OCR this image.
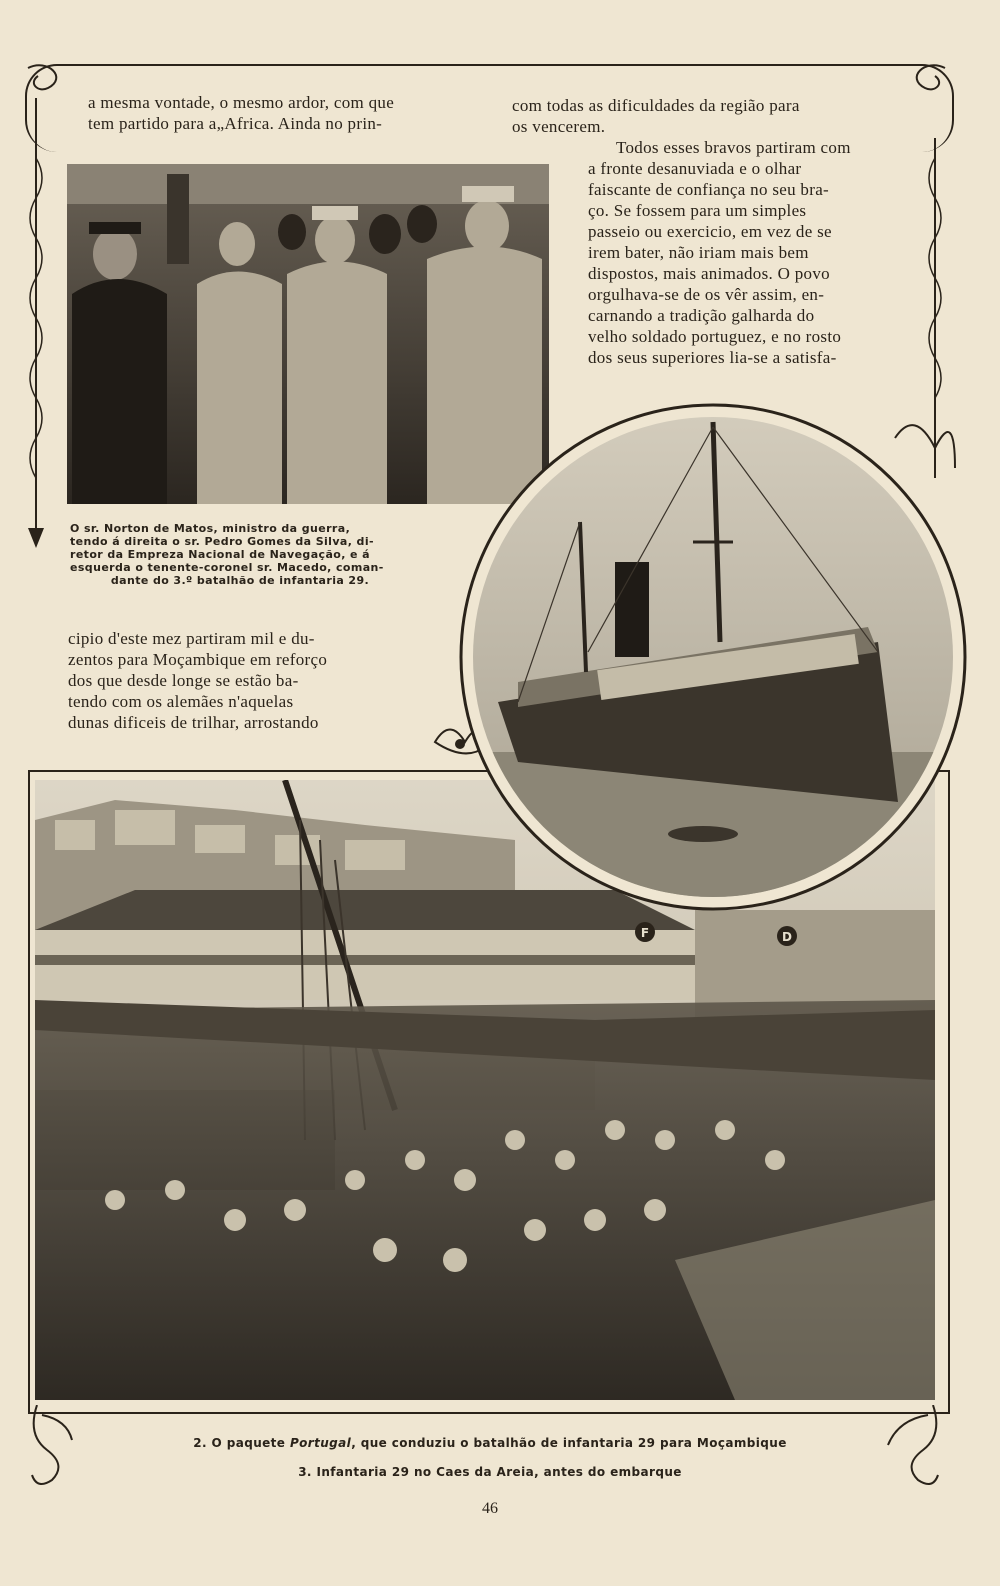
a mesma vontade, o mesmo ardor, com que

tem partido para a„Africa. Ainda no prin-

com todas as dificuldades da região para

os vencerem.

Todos esses bravos partiram com

a fronte desanuviada e o olhar

faiscante de confiança no seu bra-

ço. Se fossem para um simples

passeio ou exercicio, em vez de se

irem bater, não iriam mais bem

dispostos, mais animados. O povo

orgulhava-se de os vêr assim, en-

carnando a tradição galharda do

velho soldado portuguez, e no rosto

dos seus superiores lia-se a satisfa-

O sr. Norton de Matos, ministro da guerra,
tendo á direita o sr. Pedro Gomes da Silva, di-
retor da Empreza Nacional de Navegação, e á
esquerda o tenente-coronel sr. Macedo, coman-
dante do 3.º batalhão de infantaria 29.

cipio d'este mez partiram mil e du-

zentos para Moçambique em reforço

dos que desde longe se estão ba-

tendo com os alemães n'aquelas

dunas dificeis de trilhar, arrostando

F	D
2. O paquete Portugal, que conduziu o batalhão de infantaria 29 para Moçambique
3. Infantaria 29 no Caes da Areia, antes do embarque
46
